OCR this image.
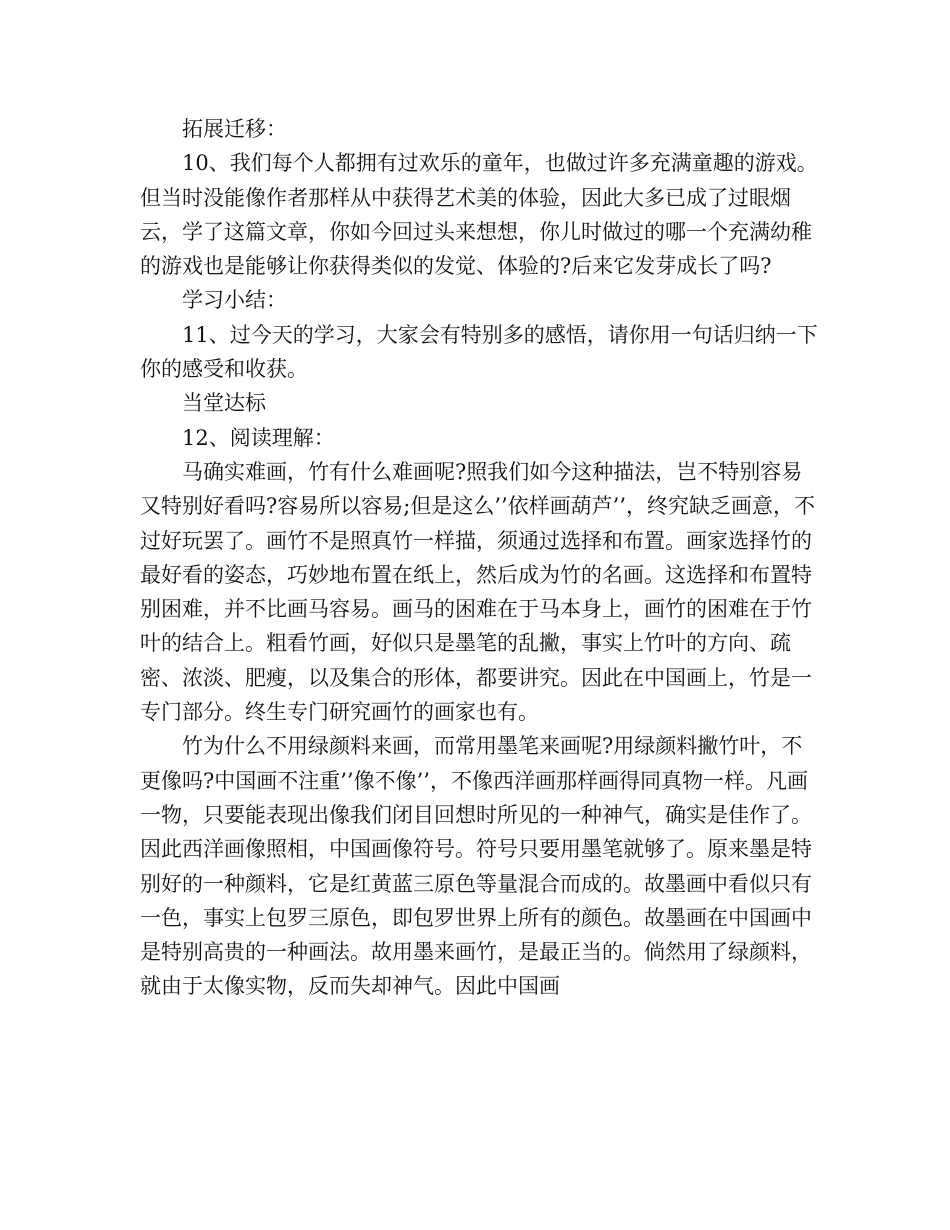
拓展迁移：

10、我们每个人都拥有过欢乐的童年，也做过许多充满童趣的游戏。但当时没能像作者那样从中获得艺术美的体验，因此大多已成了过眼烟云，学了这篇文章，你如今回过头来想想，你儿时做过的哪一个充满幼稚的游戏也是能够让你获得类似的发觉、体验的?后来它发芽成长了吗?

学习小结：

11、过今天的学习，大家会有特别多的感悟，请你用一句话归纳一下你的感受和收获。

当堂达标

12、阅读理解：

马确实难画，竹有什么难画呢?照我们如今这种描法，岂不特别容易又特别好看吗?容易所以容易;但是这么’’依样画葫芦’’，终究缺乏画意，不过好玩罢了。画竹不是照真竹一样描，须通过选择和布置。画家选择竹的最好看的姿态，巧妙地布置在纸上，然后成为竹的名画。这选择和布置特别困难，并不比画马容易。画马的困难在于马本身上，画竹的困难在于竹叶的结合上。粗看竹画，好似只是墨笔的乱撇，事实上竹叶的方向、疏密、浓淡、肥瘦，以及集合的形体，都要讲究。因此在中国画上，竹是一专门部分。终生专门研究画竹的画家也有。

竹为什么不用绿颜料来画，而常用墨笔来画呢?用绿颜料撇竹叶，不更像吗?中国画不注重’’像不像’’，不像西洋画那样画得同真物一样。凡画一物，只要能表现出像我们闭目回想时所见的一种神气，确实是佳作了。因此西洋画像照相，中国画像符号。符号只要用墨笔就够了。原来墨是特别好的一种颜料，它是红黄蓝三原色等量混合而成的。故墨画中看似只有一色，事实上包罗三原色，即包罗世界上所有的颜色。故墨画在中国画中是特别高贵的一种画法。故用墨来画竹，是最正当的。倘然用了绿颜料，就由于太像实物，反而失却神气。因此中国画
